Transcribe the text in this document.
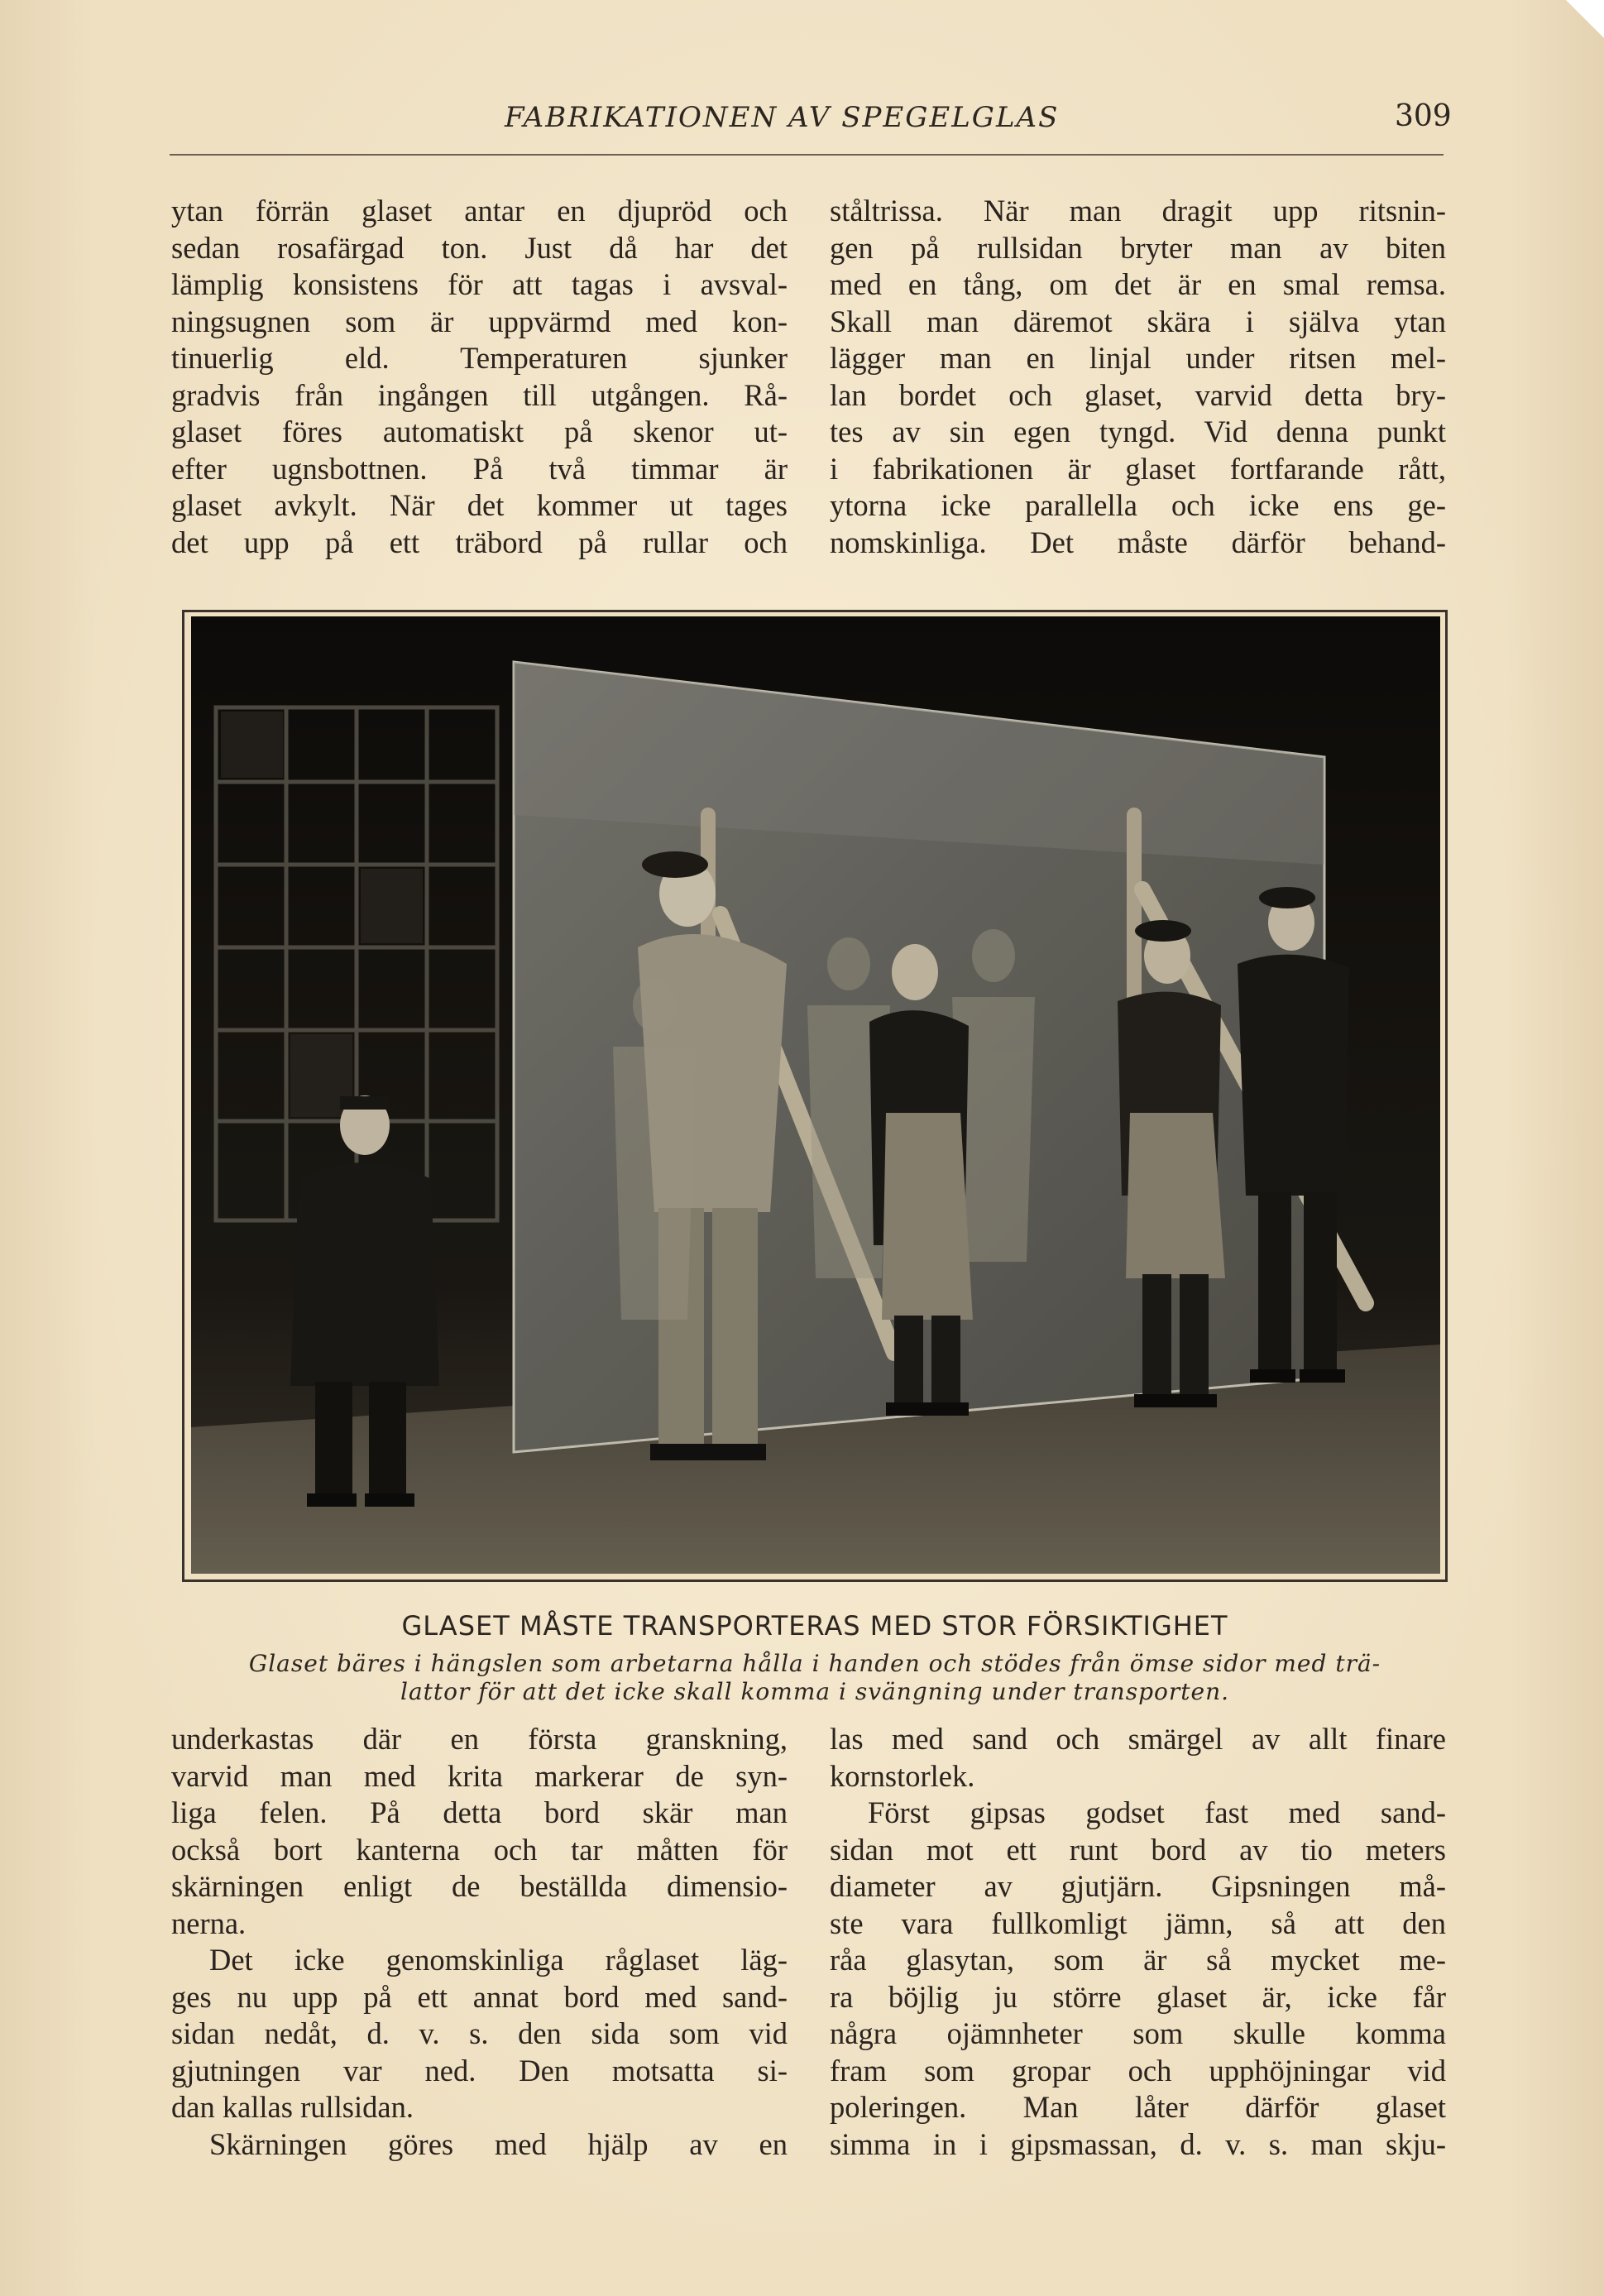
FABRIKATIONEN AV SPEGELGLAS	309
ytan förrän glaset antar en djupröd och
sedan rosafärgad ton. Just då har det
lämplig konsistens för att tagas i avsval-
ningsugnen som är uppvärmd med kon-
tinuerlig eld. Temperaturen sjunker
gradvis från ingången till utgången. Rå-
glaset föres automatiskt på skenor ut-
efter ugnsbottnen. På två timmar är
glaset avkylt. När det kommer ut tages
det upp på ett träbord på rullar och
ståltrissa. När man dragit upp ritsnin-
gen på rullsidan bryter man av biten
med en tång, om det är en smal remsa.
Skall man däremot skära i själva ytan
lägger man en linjal under ritsen mel-
lan bordet och glaset, varvid detta bry-
tes av sin egen tyngd. Vid denna punkt
i fabrikationen är glaset fortfarande rått,
ytorna icke parallella och icke ens ge-
nomskinliga. Det måste därför behand-
GLASET MÅSTE TRANSPORTERAS MED STOR FÖRSIKTIGHET
Glaset bäres i hängslen som arbetarna hålla i handen och stödes från ömse sidor med trä-
lattor för att det icke skall komma i svängning under transporten.
underkastas där en första granskning,
varvid man med krita markerar de syn-
liga felen. På detta bord skär man
också bort kanterna och tar måtten för
skärningen enligt de beställda dimensio-
nerna.
Det icke genomskinliga råglaset läg-
ges nu upp på ett annat bord med sand-
sidan nedåt, d. v. s. den sida som vid
gjutningen var ned. Den motsatta si-
dan kallas rullsidan.
Skärningen göres med hjälp av en
las med sand och smärgel av allt finare
kornstorlek.
Först gipsas godset fast med sand-
sidan mot ett runt bord av tio meters
diameter av gjutjärn. Gipsningen må-
ste vara fullkomligt jämn, så att den
råa glasytan, som är så mycket me-
ra böjlig ju större glaset är, icke får
några ojämnheter som skulle komma
fram som gropar och upphöjningar vid
poleringen. Man låter därför glaset
simma in i gipsmassan, d. v. s. man skju-
